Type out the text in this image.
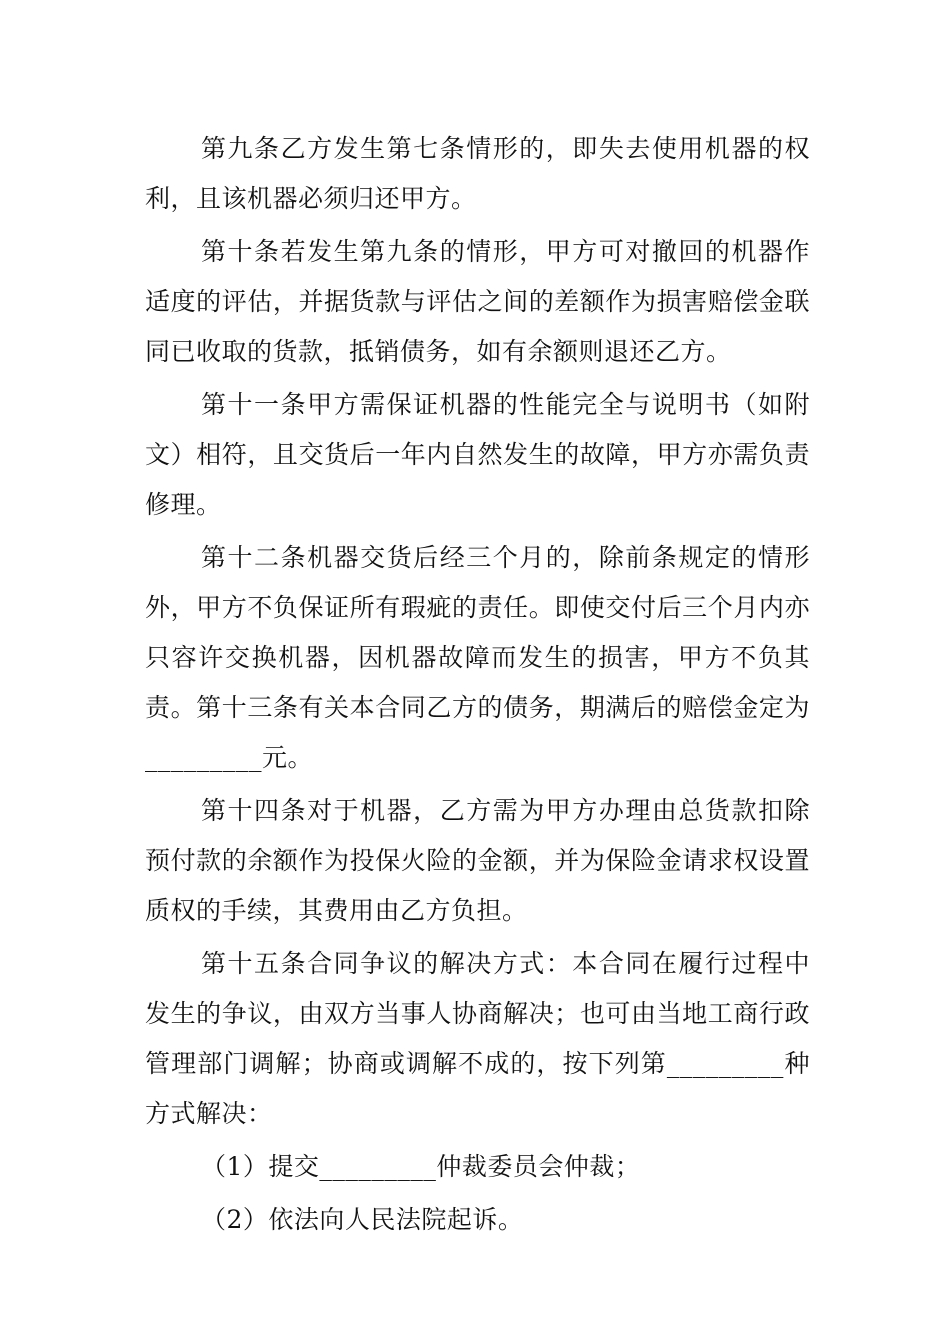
第九条乙方发生第七条情形的，即失去使用机器的权利，且该机器必须归还甲方。

第十条若发生第九条的情形，甲方可对撤回的机器作适度的评估，并据货款与评估之间的差额作为损害赔偿金联同已收取的货款，抵销债务，如有余额则退还乙方。

第十一条甲方需保证机器的性能完全与说明书（如附文）相符，且交货后一年内自然发生的故障，甲方亦需负责修理。

第十二条机器交货后经三个月的，除前条规定的情形外，甲方不负保证所有瑕疵的责任。即使交付后三个月内亦只容许交换机器，因机器故障而发生的损害，甲方不负其责。第十三条有关本合同乙方的债务，期满后的赔偿金定为_________元。

第十四条对于机器，乙方需为甲方办理由总货款扣除预付款的余额作为投保火险的金额，并为保险金请求权设置质权的手续，其费用由乙方负担。

第十五条合同争议的解决方式：本合同在履行过程中发生的争议，由双方当事人协商解决；也可由当地工商行政管理部门调解；协商或调解不成的，按下列第_________种方式解决：

（1）提交_________仲裁委员会仲裁；

（2）依法向人民法院起诉。
